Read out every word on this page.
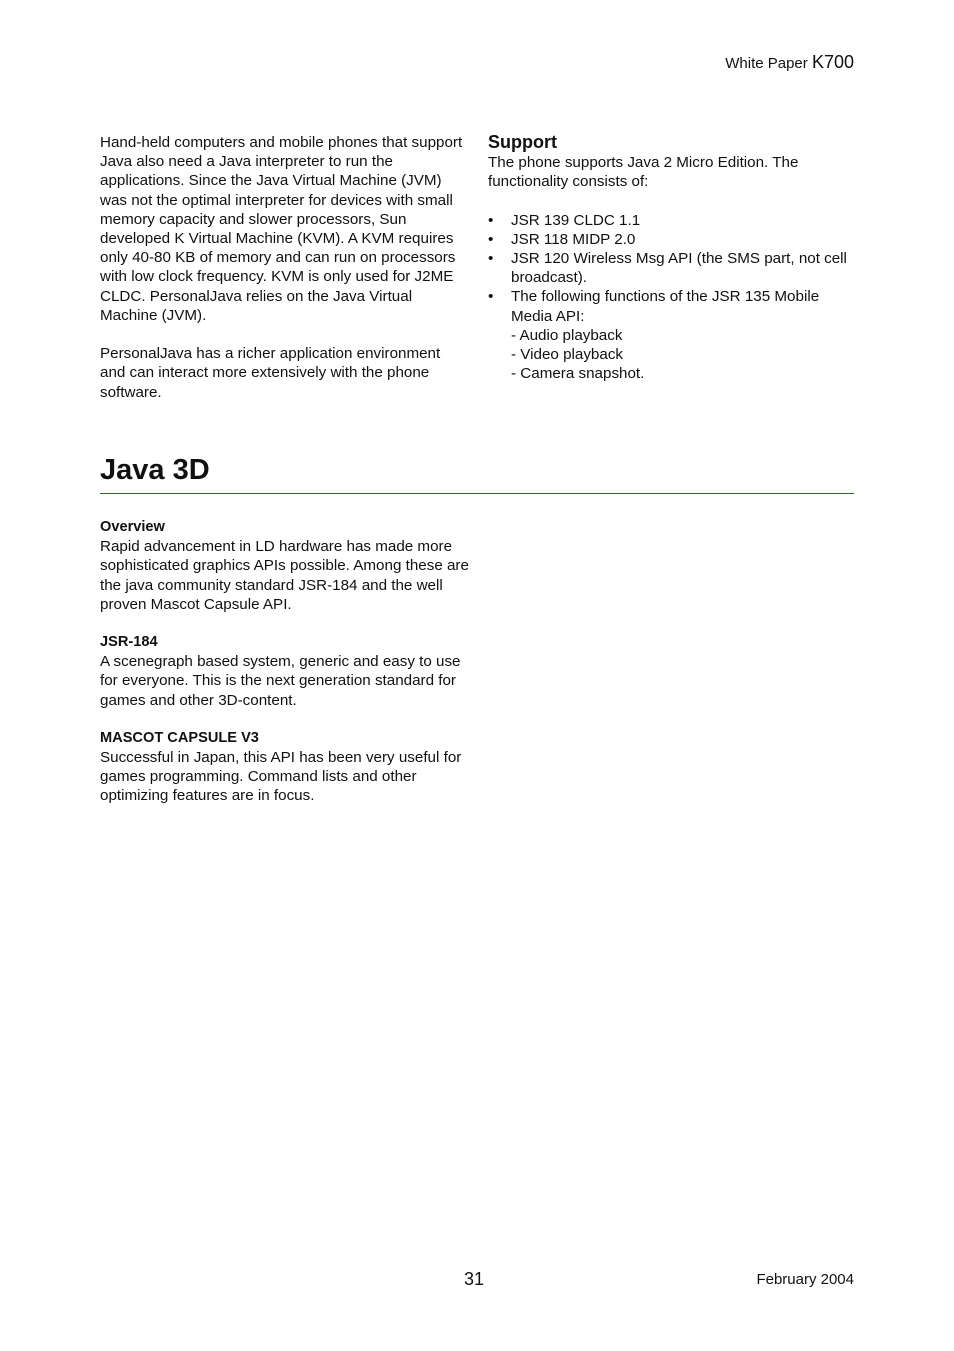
White Paper K700

Hand-held computers and mobile phones that support Java also need a Java interpreter to run the applications. Since the Java Virtual Machine (JVM) was not the optimal interpreter for devices with small memory capacity and slower processors, Sun developed K Virtual Machine (KVM). A KVM requires only 40-80 KB of memory and can run on processors with low clock frequency. KVM is only used for J2ME CLDC. PersonalJava relies on the Java Virtual Machine (JVM).

PersonalJava has a richer application environment and can interact more extensively with the phone software.

Support

The phone supports Java 2 Micro Edition. The functionality consists of:

• JSR 139 CLDC 1.1
• JSR 118 MIDP 2.0
• JSR 120 Wireless Msg API (the SMS part, not cell broadcast).
• The following functions of the JSR 135 Mobile Media API:
- Audio playback
- Video playback
- Camera snapshot.
Java 3D
Overview

Rapid advancement in LD hardware has made more sophisticated graphics APIs possible. Among these are the java community standard JSR-184 and the well proven Mascot Capsule API.

JSR-184

A scenegraph based system, generic and easy to use for everyone. This is the next generation standard for games and other 3D-content.

MASCOT CAPSULE V3

Successful in Japan, this API has been very useful for games programming. Command lists and other optimizing features are in focus.

31	February 2004
